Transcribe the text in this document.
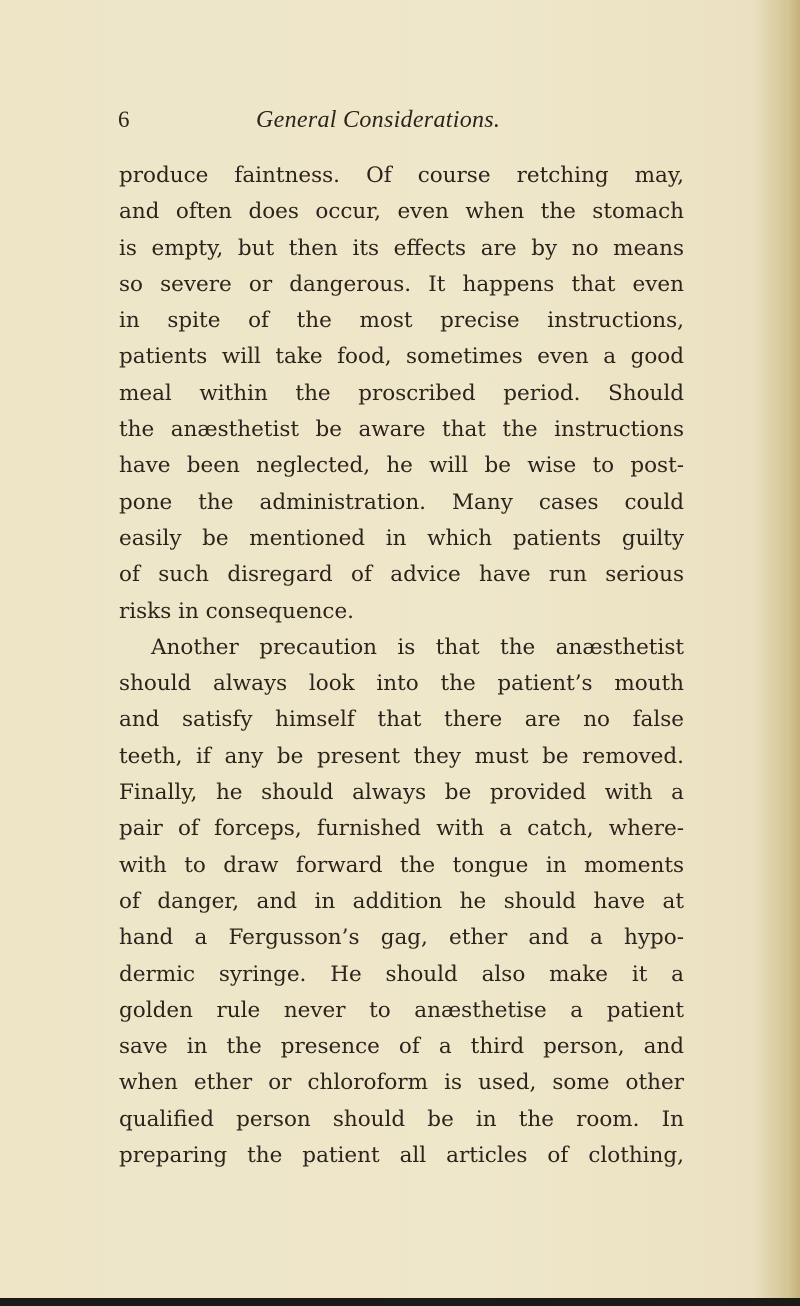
6	General Considerations.
produce faintness. Of course retching may,
and often does occur, even when the stomach
is empty, but then its effects are by no means
so severe or dangerous. It happens that even
in spite of the most precise instructions,
patients will take food, sometimes even a good
meal within the proscribed period. Should
the anæsthetist be aware that the instructions
have been neglected, he will be wise to post-
pone the administration. Many cases could
easily be mentioned in which patients guilty
of such disregard of advice have run serious
risks in consequence.
Another precaution is that the anæsthetist
should always look into the patient’s mouth
and satisfy himself that there are no false
teeth, if any be present they must be removed.
Finally, he should always be provided with a
pair of forceps, furnished with a catch, where-
with to draw forward the tongue in moments
of danger, and in addition he should have at
hand a Fergusson’s gag, ether and a hypo-
dermic syringe. He should also make it a
golden rule never to anæsthetise a patient
save in the presence of a third person, and
when ether or chloroform is used, some other
qualified person should be in the room. In
preparing the patient all articles of clothing,
